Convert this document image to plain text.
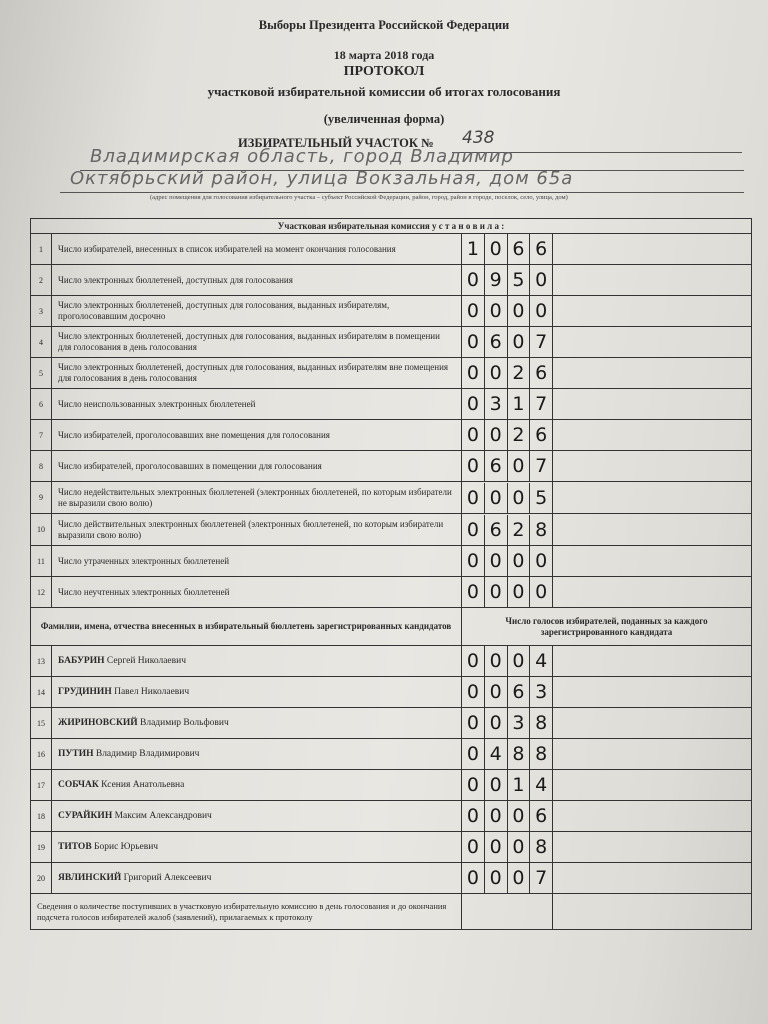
Выборы Президента Российской Федерации
18 марта 2018 года
ПРОТОКОЛ
участковой избирательной комиссии об итогах голосования
(увеличенная форма)
ИЗБИРАТЕЛЬНЫЙ УЧАСТОК № 438
Владимирская область, город Владимир
Октябрьский район, улица Вокзальная, дом 65а
(адрес помещения для голосования избирательного участка – субъект Российской Федерации, район, город, район в городе, поселок, село, улица, дом)
Участковая избирательная комиссия у с т а н о в и л а :			
1	Число избирателей, внесенных в список избирателей на момент окончания голосования	1 0 6 6	

2	Число электронных бюллетеней, доступных для голосования	0 9 5 0	

3	Число электронных бюллетеней, доступных для голосования, выданных избирателям, проголосовавшим досрочно	0 0 0 0	

4	Число электронных бюллетеней, доступных для голосования, выданных избирателям в помещении для голосования в день голосования	0 6 0 7	

5	Число электронных бюллетеней, доступных для голосования, выданных избирателям вне помещения для голосования в день голосования	0 0 2 6	

6	Число неиспользованных электронных бюллетеней	0 3 1 7	

7	Число избирателей, проголосовавших вне помещения для голосования	0 0 2 6	

8	Число избирателей, проголосовавших в помещении для голосования	0 6 0 7	

9	Число недействительных электронных бюллетеней (электронных бюллетеней, по которым избиратели не выразили свою волю)	0 0 0 5	

10	Число действительных электронных бюллетеней (электронных бюллетеней, по которым избиратели выразили свою волю)	0 6 2 8	

11	Число утраченных электронных бюллетеней	0 0 0 0	

12	Число неучтенных электронных бюллетеней	0 0 0 0	

Фамилии, имена, отчества внесенных в избирательный бюллетень зарегистрированных кандидатов		Число голосов избирателей, поданных за каждого зарегистрированного кандидата	
13	БАБУРИН Сергей Николаевич	0 0 0 4	

14	ГРУДИНИН Павел Николаевич	0 0 6 3	

15	ЖИРИНОВСКИЙ Владимир Вольфович	0 0 3 8	

16	ПУТИН Владимир Владимирович	0 4 8 8	

17	СОБЧАК Ксения Анатольевна	0 0 1 4	

18	СУРАЙКИН Максим Александрович	0 0 0 6	

19	ТИТОВ Борис Юрьевич	0 0 0 8	

20	ЯВЛИНСКИЙ Григорий Алексеевич	0 0 0 7	

Сведения о количестве поступивших в участковую избирательную комиссию в день голосования и до окончания подсчета голосов избирателей жалоб (заявлений), прилагаемых к протоколу		
